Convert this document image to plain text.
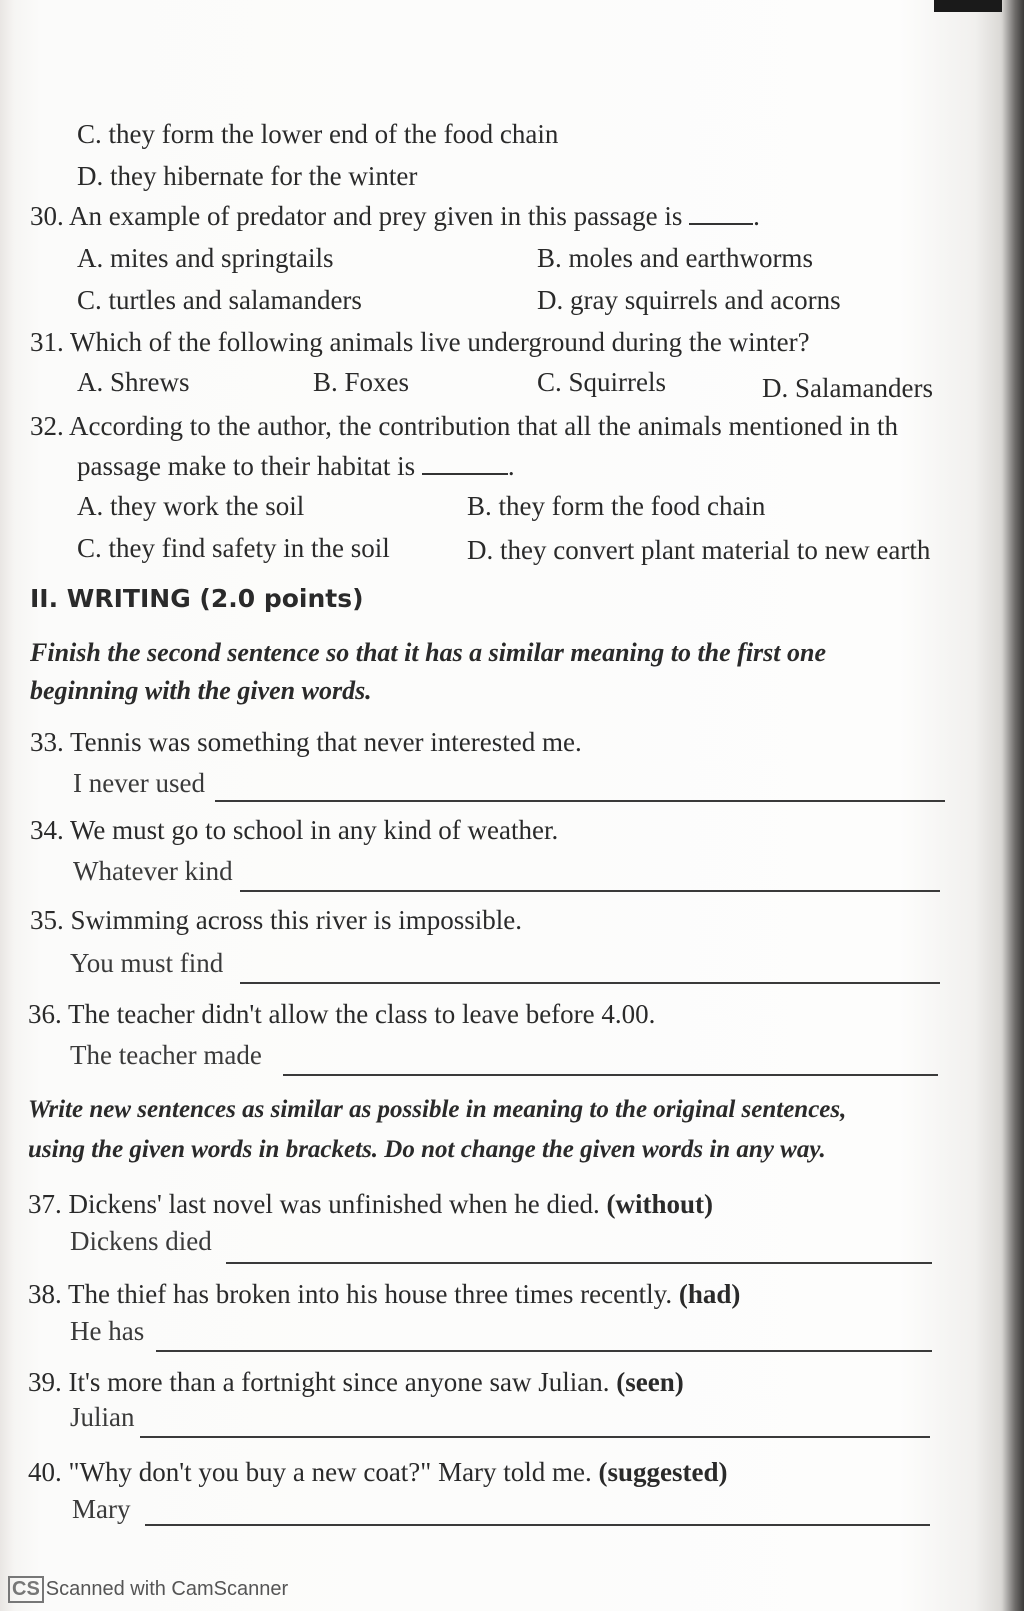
C. they form the lower end of the food chain
D. they hibernate for the winter
30. An example of predator and prey given in this passage is	.
A. mites and springtails	B. moles and earthworms
C. turtles and salamanders	D. gray squirrels and acorns
31. Which of the following animals live underground during the winter?
A. Shrews	B. Foxes	C. Squirrels	D. Salamanders
32. According to the author, the contribution that all the animals mentioned in th
passage make to their habitat is	.
A. they work the soil	B. they form the food chain
C. they find safety in the soil	D. they convert plant material to new earth
II. WRITING (2.0 points)
Finish the second sentence so that it has a similar meaning to the first one
beginning with the given words.
33. Tennis was something that never interested me.
I never used
34. We must go to school in any kind of weather.
Whatever kind
35. Swimming across this river is impossible.
You must find
36. The teacher didn't allow the class to leave before 4.00.
The teacher made
Write new sentences as similar as possible in meaning to the original sentences,
using the given words in brackets. Do not change the given words in any way.
37. Dickens' last novel was unfinished when he died. (without)
Dickens died
38. The thief has broken into his house three times recently. (had)
He has
39. It's more than a fortnight since anyone saw Julian. (seen)
Julian
40. "Why don't you buy a new coat?" Mary told me. (suggested)
Mary
CS Scanned with CamScanner
